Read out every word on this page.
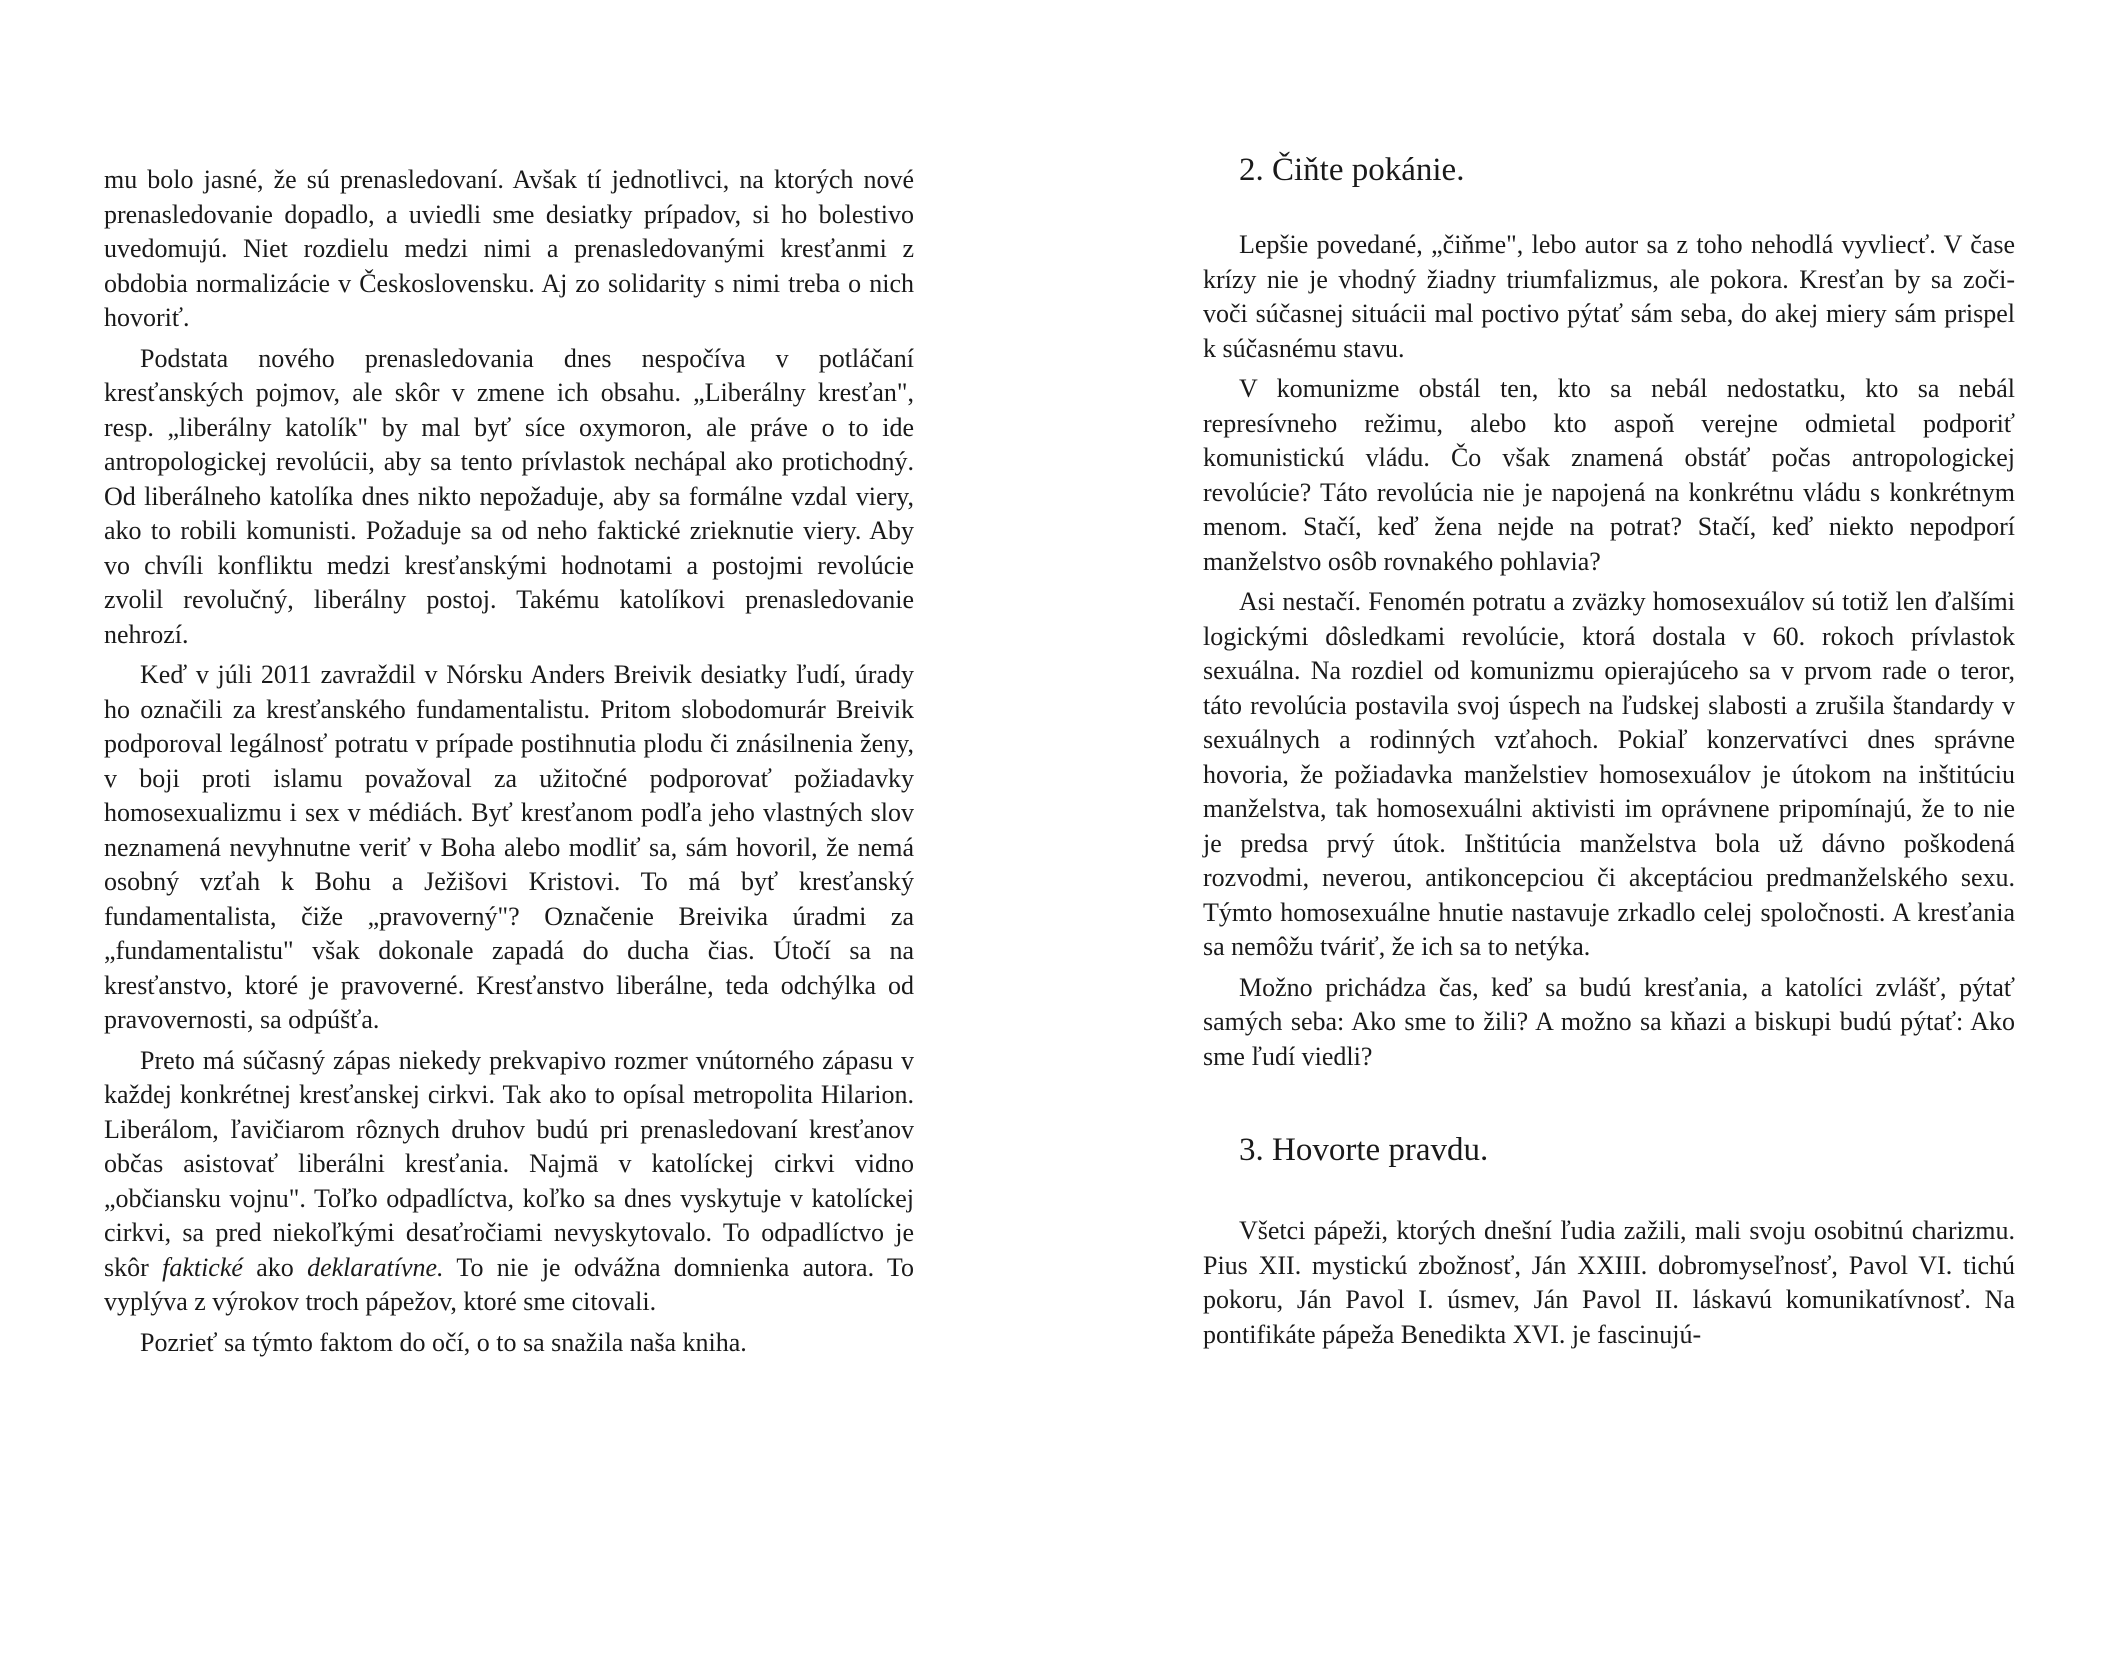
mu bolo jasné, že sú prenasledovaní. Avšak tí jednotlivci, na ktorých nové prenasledovanie dopadlo, a uviedli sme desiatky prípadov, si ho bolestivo uvedomujú. Niet rozdielu medzi nimi a prenasledovanými kresťanmi z obdobia normalizácie v Československu. Aj zo solidarity s nimi treba o nich hovoriť.

Podstata nového prenasledovania dnes nespočíva v potláčaní kresťanských pojmov, ale skôr v zmene ich obsahu. „Liberálny kresťan", resp. „liberálny katolík" by mal byť síce oxymoron, ale práve o to ide antropologickej revolúcii, aby sa tento prívlastok nechápal ako protichodný. Od liberálneho katolíka dnes nikto nepožaduje, aby sa formálne vzdal viery, ako to robili komunisti. Požaduje sa od neho faktické zrieknutie viery. Aby vo chvíli konfliktu medzi kresťanskými hodnotami a postojmi revolúcie zvolil revolučný, liberálny postoj. Takému katolíkovi prenasledovanie nehrozí.

Keď v júli 2011 zavraždil v Nórsku Anders Breivik desiatky ľudí, úrady ho označili za kresťanského fundamentalistu. Pritom slobodomurár Breivik podporoval legálnosť potratu v prípade postihnutia plodu či znásilnenia ženy, v boji proti islamu považoval za užitočné podporovať požiadavky homosexualizmu i sex v médiách. Byť kresťanom podľa jeho vlastných slov neznamená nevyhnutne veriť v Boha alebo modliť sa, sám hovoril, že nemá osobný vzťah k Bohu a Ježišovi Kristovi. To má byť kresťanský fundamentalista, čiže „pravoverný"? Označenie Breivika úradmi za „fundamentalistu" však dokonale zapadá do ducha čias. Útočí sa na kresťanstvo, ktoré je pravoverné. Kresťanstvo liberálne, teda odchýlka od pravovernosti, sa odpúšťa.

Preto má súčasný zápas niekedy prekvapivo rozmer vnútorného zápasu v každej konkrétnej kresťanskej cirkvi. Tak ako to opísal metropolita Hilarion. Liberálom, ľavičiarom rôznych druhov budú pri prenasledovaní kresťanov občas asistovať liberálni kresťania. Najmä v katolíckej cirkvi vidno „občiansku vojnu". Toľko odpadlíctva, koľko sa dnes vyskytuje v katolíckej cirkvi, sa pred niekoľkými desaťročiami nevyskytovalo. To odpadlíctvo je skôr faktické ako deklaratívne. To nie je odvážna domnienka autora. To vyplýva z výrokov troch pápežov, ktoré sme citovali.

Pozrieť sa týmto faktom do očí, o to sa snažila naša kniha.

2. Čiňte pokánie.

Lepšie povedané, „čiňme", lebo autor sa z toho nehodlá vyvliecť. V čase krízy nie je vhodný žiadny triumfalizmus, ale pokora. Kresťan by sa zoči-voči súčasnej situácii mal poctivo pýtať sám seba, do akej miery sám prispel k súčasnému stavu.

V komunizme obstál ten, kto sa nebál nedostatku, kto sa nebál represívneho režimu, alebo kto aspoň verejne odmietal podporiť komunistickú vládu. Čo však znamená obstáť počas antropologickej revolúcie? Táto revolúcia nie je napojená na konkrétnu vládu s konkrétnym menom. Stačí, keď žena nejde na potrat? Stačí, keď niekto nepodporí manželstvo osôb rovnakého pohlavia?

Asi nestačí. Fenomén potratu a zväzky homosexuálov sú totiž len ďalšími logickými dôsledkami revolúcie, ktorá dostala v 60. rokoch prívlastok sexuálna. Na rozdiel od komunizmu opierajúceho sa v prvom rade o teror, táto revolúcia postavila svoj úspech na ľudskej slabosti a zrušila štandardy v sexuálnych a rodinných vzťahoch. Pokiaľ konzervatívci dnes správne hovoria, že požiadavka manželstiev homosexuálov je útokom na inštitúciu manželstva, tak homosexuálni aktivisti im oprávnene pripomínajú, že to nie je predsa prvý útok. Inštitúcia manželstva bola už dávno poškodená rozvodmi, neverou, antikoncepciou či akceptáciou predmanželského sexu. Týmto homosexuálne hnutie nastavuje zrkadlo celej spoločnosti. A kresťania sa nemôžu tváriť, že ich sa to netýka.

Možno prichádza čas, keď sa budú kresťania, a katolíci zvlášť, pýtať samých seba: Ako sme to žili? A možno sa kňazi a biskupi budú pýtať: Ako sme ľudí viedli?

3. Hovorte pravdu.

Všetci pápeži, ktorých dnešní ľudia zažili, mali svoju osobitnú charizmu. Pius XII. mystickú zbožnosť, Ján XXIII. dobromyseľnosť, Pavol VI. tichú pokoru, Ján Pavol I. úsmev, Ján Pavol II. láskavú komunikatívnosť. Na pontifikáte pápeža Benedikta XVI. je fascinujú-
